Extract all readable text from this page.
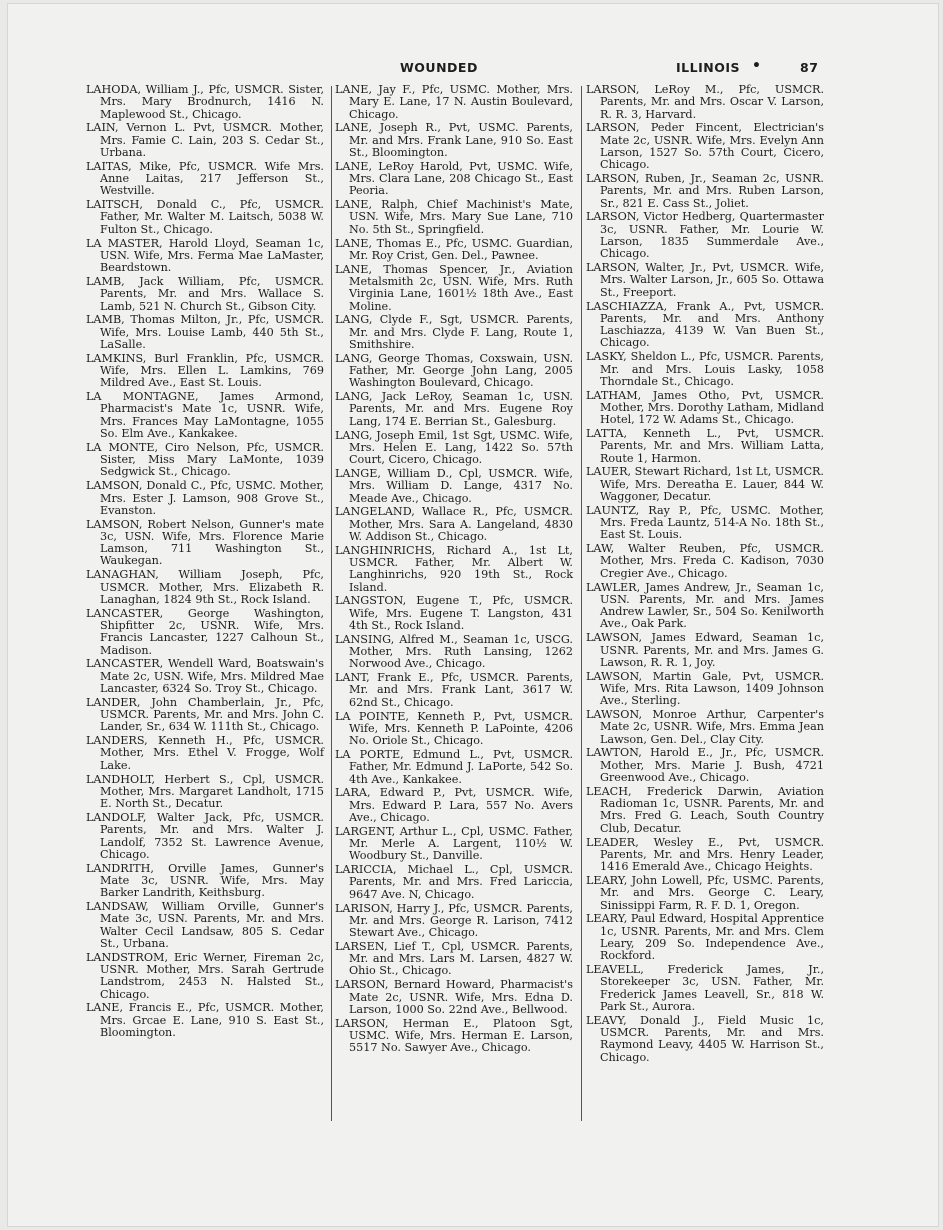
WOUNDED	ILLINOIS •	87

LAHODA, William J., Pfc, USMCR. Sister, Mrs. Mary Brodnurch, 1416 N. Maplewood St., Chicago.

LAIN, Vernon L. Pvt, USMCR. Mother, Mrs. Famie C. Lain, 203 S. Cedar St., Urbana.

LAITAS, Mike, Pfc, USMCR. Wife Mrs. Anne Laitas, 217 Jefferson St., Westville.

LAITSCH, Donald C., Pfc, USMCR. Father, Mr. Walter M. Laitsch, 5038 W. Fulton St., Chicago.

LA MASTER, Harold Lloyd, Seaman 1c, USN. Wife, Mrs. Ferma Mae LaMaster, Beardstown.

LAMB, Jack William, Pfc, USMCR. Parents, Mr. and Mrs. Wallace S. Lamb, 521 N. Church St., Gibson City.

LAMB, Thomas Milton, Jr., Pfc, USMCR. Wife, Mrs. Louise Lamb, 440 5th St., LaSalle.

LAMKINS, Burl Franklin, Pfc, USMCR. Wife, Mrs. Ellen L. Lamkins, 769 Mildred Ave., East St. Louis.

LA MONTAGNE, James Armond, Pharmacist's Mate 1c, USNR. Wife, Mrs. Frances May LaMontagne, 1055 So. Elm Ave., Kankakee.

LA MONTE, Ciro Nelson, Pfc, USMCR. Sister, Miss Mary LaMonte, 1039 Sedgwick St., Chicago.

LAMSON, Donald C., Pfc, USMC. Mother, Mrs. Ester J. Lamson, 908 Grove St., Evanston.

LAMSON, Robert Nelson, Gunner's mate 3c, USN. Wife, Mrs. Florence Marie Lamson, 711 Washington St., Waukegan.

LANAGHAN, William Joseph, Pfc, USMCR. Mother, Mrs. Elizabeth R. Lanaghan, 1824 9th St., Rock Island.

LANCASTER, George Washington, Shipfitter 2c, USNR. Wife, Mrs. Francis Lancaster, 1227 Calhoun St., Madison.

LANCASTER, Wendell Ward, Boatswain's Mate 2c, USN. Wife, Mrs. Mildred Mae Lancaster, 6324 So. Troy St., Chicago.

LANDER, John Chamberlain, Jr., Pfc, USMCR. Parents, Mr. and Mrs. John C. Lander, Sr., 634 W. 111th St., Chicago.

LANDERS, Kenneth H., Pfc, USMCR. Mother, Mrs. Ethel V. Frogge, Wolf Lake.

LANDHOLT, Herbert S., Cpl, USMCR. Mother, Mrs. Margaret Landholt, 1715 E. North St., Decatur.

LANDOLF, Walter Jack, Pfc, USMCR. Parents, Mr. and Mrs. Walter J. Landolf, 7352 St. Lawrence Avenue, Chicago.

LANDRITH, Orville James, Gunner's Mate 3c, USNR. Wife, Mrs. May Barker Landrith, Keithsburg.

LANDSAW, William Orville, Gunner's Mate 3c, USN. Parents, Mr. and Mrs. Walter Cecil Landsaw, 805 S. Cedar St., Urbana.

LANDSTROM, Eric Werner, Fireman 2c, USNR. Mother, Mrs. Sarah Gertrude Landstrom, 2453 N. Halsted St., Chicago.

LANE, Francis E., Pfc, USMCR. Mother, Mrs. Grcae E. Lane, 910 S. East St., Bloomington.

LANE, Jay F., Pfc, USMC. Mother, Mrs. Mary E. Lane, 17 N. Austin Boulevard, Chicago.

LANE, Joseph R., Pvt, USMC. Parents, Mr. and Mrs. Frank Lane, 910 So. East St., Bloomington.

LANE, LeRoy Harold, Pvt, USMC. Wife, Mrs. Clara Lane, 208 Chicago St., East Peoria.

LANE, Ralph, Chief Machinist's Mate, USN. Wife, Mrs. Mary Sue Lane, 710 No. 5th St., Springfield.

LANE, Thomas E., Pfc, USMC. Guardian, Mr. Roy Crist, Gen. Del., Pawnee.

LANE, Thomas Spencer, Jr., Aviation Metalsmith 2c, USN. Wife, Mrs. Ruth Virginia Lane, 1601½ 18th Ave., East Moline.

LANG, Clyde F., Sgt, USMCR. Parents, Mr. and Mrs. Clyde F. Lang, Route 1, Smithshire.

LANG, George Thomas, Coxswain, USN. Father, Mr. George John Lang, 2005 Washington Boulevard, Chicago.

LANG, Jack LeRoy, Seaman 1c, USN. Parents, Mr. and Mrs. Eugene Roy Lang, 174 E. Berrian St., Galesburg.

LANG, Joseph Emil, 1st Sgt, USMC. Wife, Mrs. Helen E. Lang, 1422 So. 57th Court, Cicero, Chicago.

LANGE, William D., Cpl, USMCR. Wife, Mrs. William D. Lange, 4317 No. Meade Ave., Chicago.

LANGELAND, Wallace R., Pfc, USMCR. Mother, Mrs. Sara A. Langeland, 4830 W. Addison St., Chicago.

LANGHINRICHS, Richard A., 1st Lt, USMCR. Father, Mr. Albert W. Langhinrichs, 920 19th St., Rock Island.

LANGSTON, Eugene T., Pfc, USMCR. Wife, Mrs. Eugene T. Langston, 431 4th St., Rock Island.

LANSING, Alfred M., Seaman 1c, USCG. Mother, Mrs. Ruth Lansing, 1262 Norwood Ave., Chicago.

LANT, Frank E., Pfc, USMCR. Parents, Mr. and Mrs. Frank Lant, 3617 W. 62nd St., Chicago.

LA POINTE, Kenneth P., Pvt, USMCR. Wife, Mrs. Kenneth P. LaPointe, 4206 No. Oriole St., Chicago.

LA PORTE, Edmund L., Pvt, USMCR. Father, Mr. Edmund J. LaPorte, 542 So. 4th Ave., Kankakee.

LARA, Edward P., Pvt, USMCR. Wife, Mrs. Edward P. Lara, 557 No. Avers Ave., Chicago.

LARGENT, Arthur L., Cpl, USMC. Father, Mr. Merle A. Largent, 110½ W. Woodbury St., Danville.

LARICCIA, Michael L., Cpl, USMCR. Parents, Mr. and Mrs. Fred Lariccia, 9647 Ave. N, Chicago.

LARISON, Harry J., Pfc, USMCR. Parents, Mr. and Mrs. George R. Larison, 7412 Stewart Ave., Chicago.

LARSEN, Lief T., Cpl, USMCR. Parents, Mr. and Mrs. Lars M. Larsen, 4827 W. Ohio St., Chicago.

LARSON, Bernard Howard, Pharmacist's Mate 2c, USNR. Wife, Mrs. Edna D. Larson, 1000 So. 22nd Ave., Bellwood.

LARSON, Herman E., Platoon Sgt, USMC. Wife, Mrs. Herman E. Larson, 5517 No. Sawyer Ave., Chicago.

LARSON, LeRoy M., Pfc, USMCR. Parents, Mr. and Mrs. Oscar V. Larson, R. R. 3, Harvard.

LARSON, Peder Fincent, Electrician's Mate 2c, USNR. Wife, Mrs. Evelyn Ann Larson, 1527 So. 57th Court, Cicero, Chicago.

LARSON, Ruben, Jr., Seaman 2c, USNR. Parents, Mr. and Mrs. Ruben Larson, Sr., 821 E. Cass St., Joliet.

LARSON, Victor Hedberg, Quartermaster 3c, USNR. Father, Mr. Lourie W. Larson, 1835 Summerdale Ave., Chicago.

LARSON, Walter, Jr., Pvt, USMCR. Wife, Mrs. Walter Larson, Jr., 605 So. Ottawa St., Freeport.

LASCHIAZZA, Frank A., Pvt, USMCR. Parents, Mr. and Mrs. Anthony Laschiazza, 4139 W. Van Buen St., Chicago.

LASKY, Sheldon L., Pfc, USMCR. Parents, Mr. and Mrs. Louis Lasky, 1058 Thorndale St., Chicago.

LATHAM, James Otho, Pvt, USMCR. Mother, Mrs. Dorothy Latham, Midland Hotel, 172 W. Adams St., Chicago.

LATTA, Kenneth L., Pvt, USMCR. Parents, Mr. and Mrs. William Latta, Route 1, Harmon.

LAUER, Stewart Richard, 1st Lt, USMCR. Wife, Mrs. Dereatha E. Lauer, 844 W. Waggoner, Decatur.

LAUNTZ, Ray P., Pfc, USMC. Mother, Mrs. Freda Launtz, 514-A No. 18th St., East St. Louis.

LAW, Walter Reuben, Pfc, USMCR. Mother, Mrs. Freda C. Kadison, 7030 Cregier Ave., Chicago.

LAWLER, James Andrew, Jr., Seaman 1c, USN. Parents, Mr. and Mrs. James Andrew Lawler, Sr., 504 So. Kenilworth Ave., Oak Park.

LAWSON, James Edward, Seaman 1c, USNR. Parents, Mr. and Mrs. James G. Lawson, R. R. 1, Joy.

LAWSON, Martin Gale, Pvt, USMCR. Wife, Mrs. Rita Lawson, 1409 Johnson Ave., Sterling.

LAWSON, Monroe Arthur, Carpenter's Mate 2c, USNR. Wife, Mrs. Emma Jean Lawson, Gen. Del., Clay City.

LAWTON, Harold E., Jr., Pfc, USMCR. Mother, Mrs. Marie J. Bush, 4721 Greenwood Ave., Chicago.

LEACH, Frederick Darwin, Aviation Radioman 1c, USNR. Parents, Mr. and Mrs. Fred G. Leach, South Country Club, Decatur.

LEADER, Wesley E., Pvt, USMCR. Parents, Mr. and Mrs. Henry Leader, 1416 Emerald Ave., Chicago Heights.

LEARY, John Lowell, Pfc, USMC. Parents, Mr. and Mrs. George C. Leary, Sinissippi Farm, R. F. D. 1, Oregon.

LEARY, Paul Edward, Hospital Apprentice 1c, USNR. Parents, Mr. and Mrs. Clem Leary, 209 So. Independence Ave., Rockford.

LEAVELL, Frederick James, Jr., Storekeeper 3c, USN. Father, Mr. Frederick James Leavell, Sr., 818 W. Park St., Aurora.

LEAVY, Donald J., Field Music 1c, USMCR. Parents, Mr. and Mrs. Raymond Leavy, 4405 W. Harrison St., Chicago.
